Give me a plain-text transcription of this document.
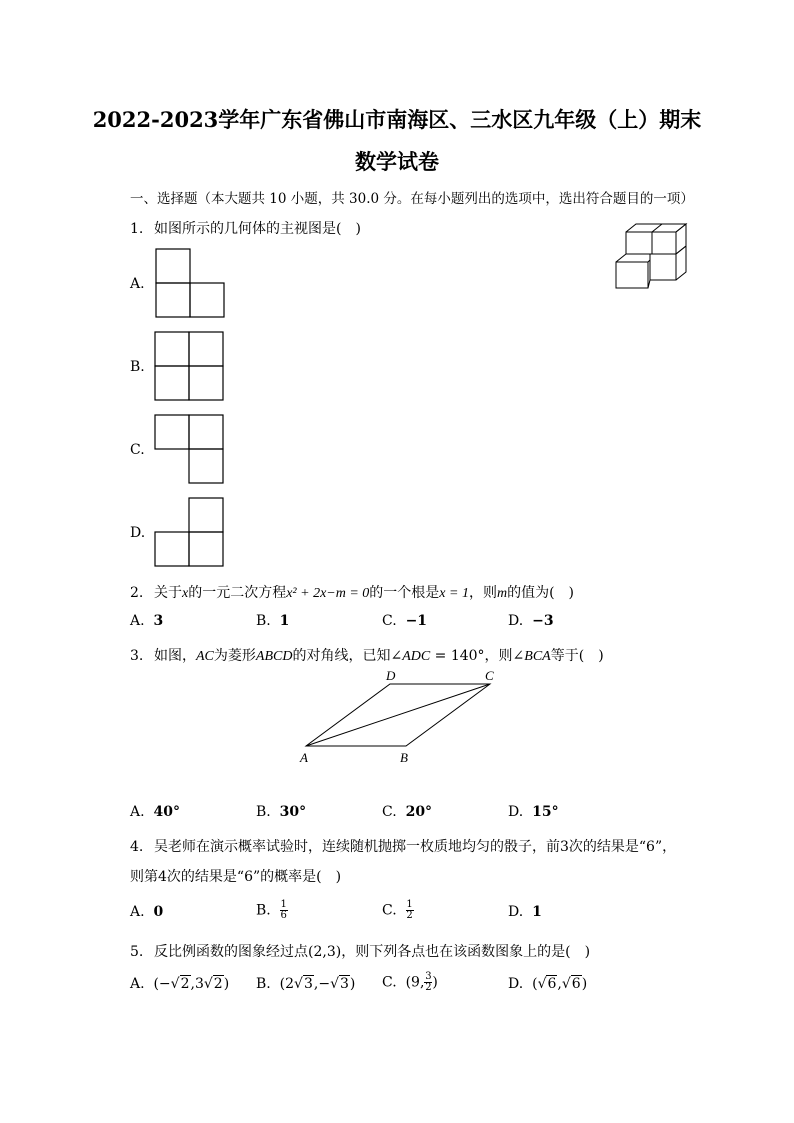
2022-2023学年广东省佛山市南海区、三水区九年级（上）期末
数学试卷
一、选择题（本大题共 10 小题，共 30.0 分。在每小题列出的选项中，选出符合题目的一项）
1. 如图所示的几何体的主视图是(　)
A.
B.
C.
D.
2. 关于x的一元二次方程x² + 2x−m = 0的一个根是x = 1，则m的值为(　)
A. 3	B. 1	C. −1	D. −3
3. 如图，AC为菱形ABCD的对角线，已知∠ADC = 140°，则∠BCA等于(　)
D	C
A	B
A. 40°	B. 30°	C. 20°	D. 15°
4. 吴老师在演示概率试验时，连续随机抛掷一枚质地均匀的骰子，前3次的结果是“6”，
则第4次的结果是“6”的概率是(　)
A. 0	B. $\frac{1}{6}$	C. $\frac{1}{2}$	D. 1
5. 反比例函数的图象经过点(2,3)，则下列各点也在该函数图象上的是(　)
A. (−√2,3√2) B. (2√3,−√3) C. (9, $\frac{3}{2}$ )	D. (√6,√6)
